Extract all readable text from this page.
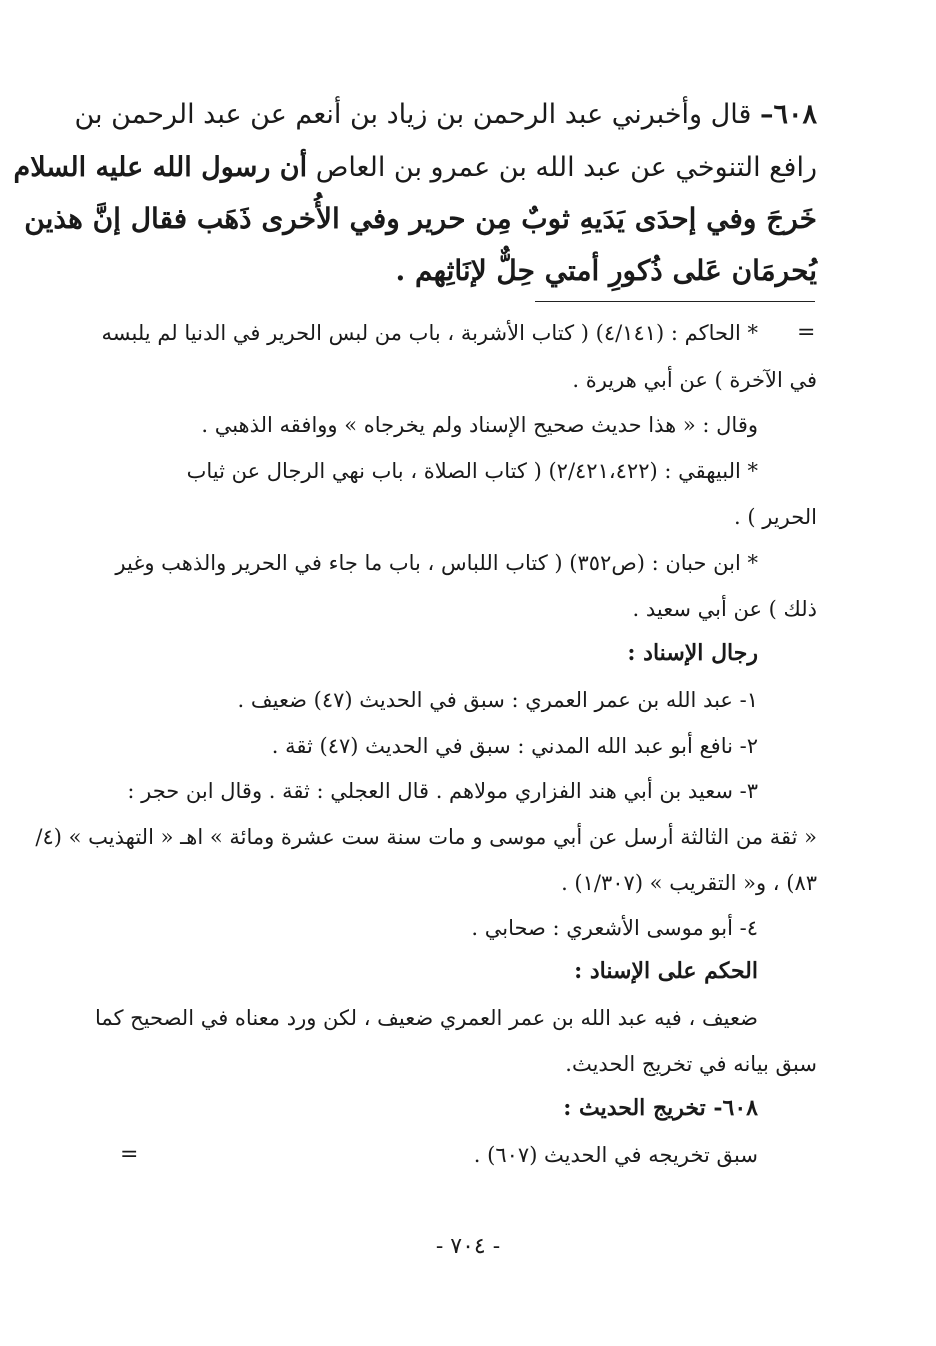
٦٠٨– قال وأخبرني عبد الرحمن بن زياد بن أنعم عن عبد الرحمن بن
رافع التنوخي عن عبد الله بن عمرو بن العاص أن رسول الله عليه السلام
خَرجَ وفي إحدَى يَدَيهِ ثوبٌ مِن حرير وفي الأُخرى ذَهَب فقال إنَّ هذين
يُحرمَان عَلى ذُكورِ أمتي حِلٌّ لإنَاثِهم .
=
* الحاكم : (٤/١٤١) ( كتاب الأشربة ، باب من لبس الحرير في الدنيا لم يلبسه
في الآخرة ) عن أبي هريرة .
وقال : « هذا حديث صحيح الإسناد ولم يخرجاه » ووافقه الذهبي .
* البيهقي : (٢/٤٢١،٤٢٢) ( كتاب الصلاة ، باب نهي الرجال عن ثياب
الحرير ) .
* ابن حبان : (ص٣٥٢) ( كتاب اللباس ، باب ما جاء في الحرير والذهب وغير
ذلك ) عن أبي سعيد .
رجال الإسناد :
١- عبد الله بن عمر العمري : سبق في الحديث (٤٧) ضعيف .
٢- نافع أبو عبد الله المدني : سبق في الحديث (٤٧) ثقة .
٣- سعيد بن أبي هند الفزاري مولاهم . قال العجلي : ثقة . وقال ابن حجر :
« ثقة من الثالثة أرسل عن أبي موسى و مات سنة ست عشرة ومائة » اهـ « التهذيب » (٤/
٨٣) ، و« التقريب » (١/٣٠٧) .
٤- أبو موسى الأشعري : صحابي .
الحكم على الإسناد :
ضعيف ، فيه عبد الله بن عمر العمري ضعيف ، لكن ورد معناه في الصحيح كما
سبق بيانه في تخريج الحديث.
٦٠٨- تخريج الحديث :
سبق تخريجه في الحديث (٦٠٧) .
=
- ٧٠٤ -
